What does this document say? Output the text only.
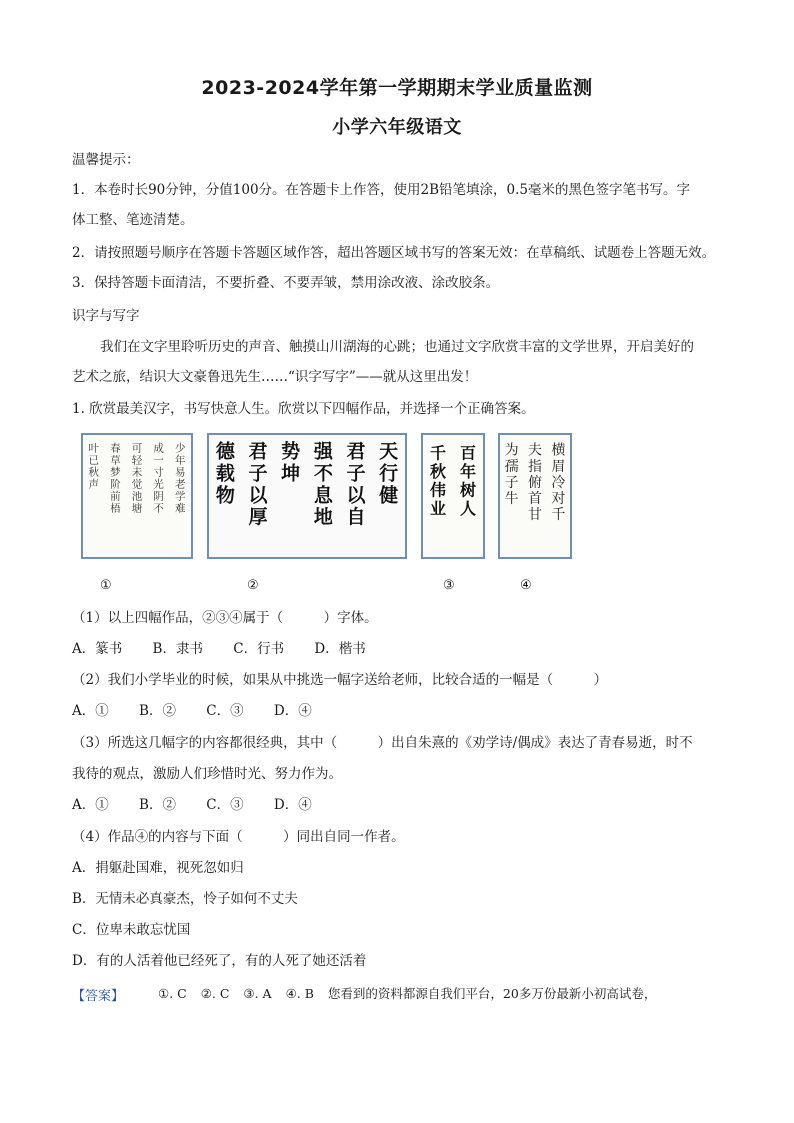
2023-2024学年第一学期期末学业质量监测
小学六年级语文
温馨提示：
1．本卷时长90分钟，分值100分。在答题卡上作答，使用2B铅笔填涂，0.5毫米的黑色签字笔书写。字
体工整、笔迹清楚。
2．请按照题号顺序在答题卡答题区域作答，超出答题区域书写的答案无效：在草稿纸、试题卷上答题无效。
3．保持答题卡面清洁，不要折叠、不要弄皱，禁用涂改液、涂改胶条。
识字与写字
我们在文字里聆听历史的声音、触摸山川湖海的心跳；也通过文字欣赏丰富的文学世界，开启美好的
艺术之旅，结识大文豪鲁迅先生……“识字写字”——就从这里出发！
1. 欣赏最美汉字，书写快意人生。欣赏以下四幅作品，并选择一个正确答案。
少
年
易
老
学
难
成
一
寸
光
阴
不
可
轻
未
觉
池
塘
春
草
梦
阶
前
梧
叶
已
秋
声
天
行
健
君
子
以
自
强
不
息
地
势
坤
君
子
以
厚
德
载
物
百
年
树
人
千
秋
伟
业
横
眉
冷
对
千
夫
指
俯
首
甘
为
孺
子
牛
①	②	③	④
（1）以上四幅作品，②③④属于（　　　）字体。
A．篆书 B．隶书 C．行书 D．楷书
（2）我们小学毕业的时候，如果从中挑选一幅字送给老师，比较合适的一幅是（　　　）
A．① B．② C．③ D．④
（3）所选这几幅字的内容都很经典，其中（　　　）出自朱熹的《劝学诗/偶成》表达了青春易逝，时不
我待的观点，激励人们珍惜时光、努力作为。
A．① B．② C．③ D．④
（4）作品④的内容与下面（　　　）同出自同一作者。
A．捐躯赴国难，视死忽如归
B．无情未必真豪杰，怜子如何不丈夫
C．位卑未敢忘忧国
D．有的人活着他已经死了，有的人死了她还活着
【答案】	①. C ②. C ③. A ④. B 您看到的资料都源自我们平台，20多万份最新小初高试卷，
